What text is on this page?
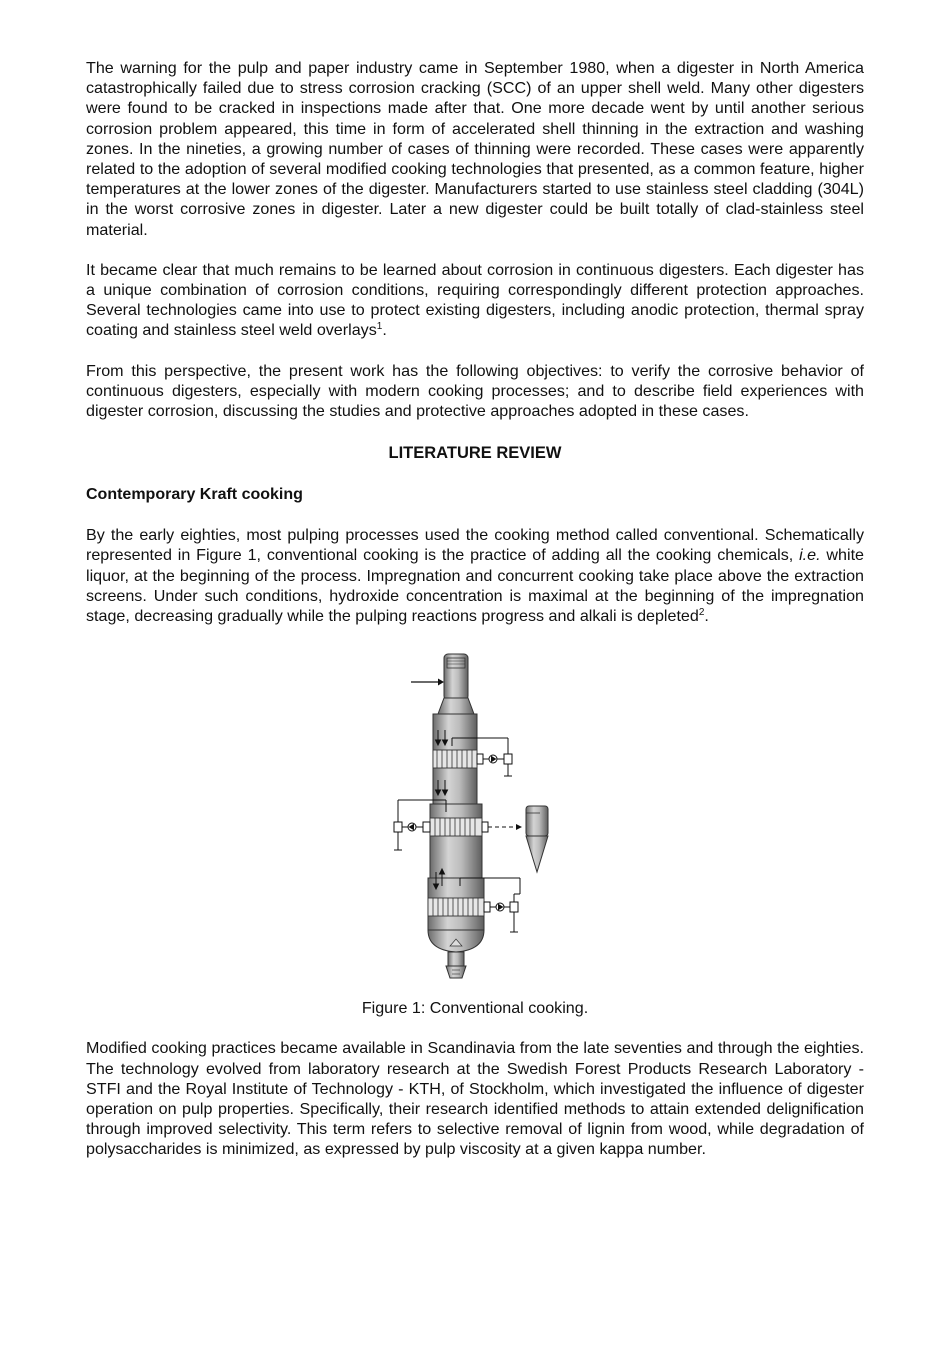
The warning for the pulp and paper industry came in September 1980, when a digester in North America catastrophically failed due to stress corrosion cracking (SCC) of an upper shell weld. Many other digesters were found to be cracked in inspections made after that. One more decade went by until another serious corrosion problem appeared, this time in form of accelerated shell thinning in the extraction and washing zones. In the nineties, a growing number of cases of thinning were recorded. These cases were apparently related to the adoption of several modified cooking technologies that presented, as a common feature, higher temperatures at the lower zones of the digester. Manufacturers started to use stainless steel cladding (304L) in the worst corrosive zones in digester. Later a new digester could be built totally of clad-stainless steel material.

It became clear that much remains to be learned about corrosion in continuous digesters. Each digester has a unique combination of corrosion conditions, requiring correspondingly different protection approaches. Several technologies came into use to protect existing digesters, including anodic protection, thermal spray coating and stainless steel weld overlays$^1$.

From this perspective, the present work has the following objectives: to verify the corrosive behavior of continuous digesters, especially with modern cooking processes; and to describe field experiences with digester corrosion, discussing the studies and protective approaches adopted in these cases.

LITERATURE REVIEW
Contemporary Kraft cooking

By the early eighties, most pulping processes used the cooking method called conventional. Schematically represented in Figure 1, conventional cooking is the practice of adding all the cooking chemicals, i.e. white liquor, at the beginning of the process. Impregnation and concurrent cooking take place above the extraction screens. Under such conditions, hydroxide concentration is maximal at the beginning of the impregnation stage, decreasing gradually while the pulping reactions progress and alkali is depleted$^2$.

Figure 1: Conventional cooking.

Modified cooking practices became available in Scandinavia from the late seventies and through the eighties. The technology evolved from laboratory research at the Swedish Forest Products Research Laboratory - STFI and the Royal Institute of Technology - KTH, of Stockholm, which investigated the influence of digester operation on pulp properties. Specifically, their research identified methods to attain extended delignification through improved selectivity. This term refers to selective removal of lignin from wood, while degradation of polysaccharides is minimized, as expressed by pulp viscosity at a given kappa number.
